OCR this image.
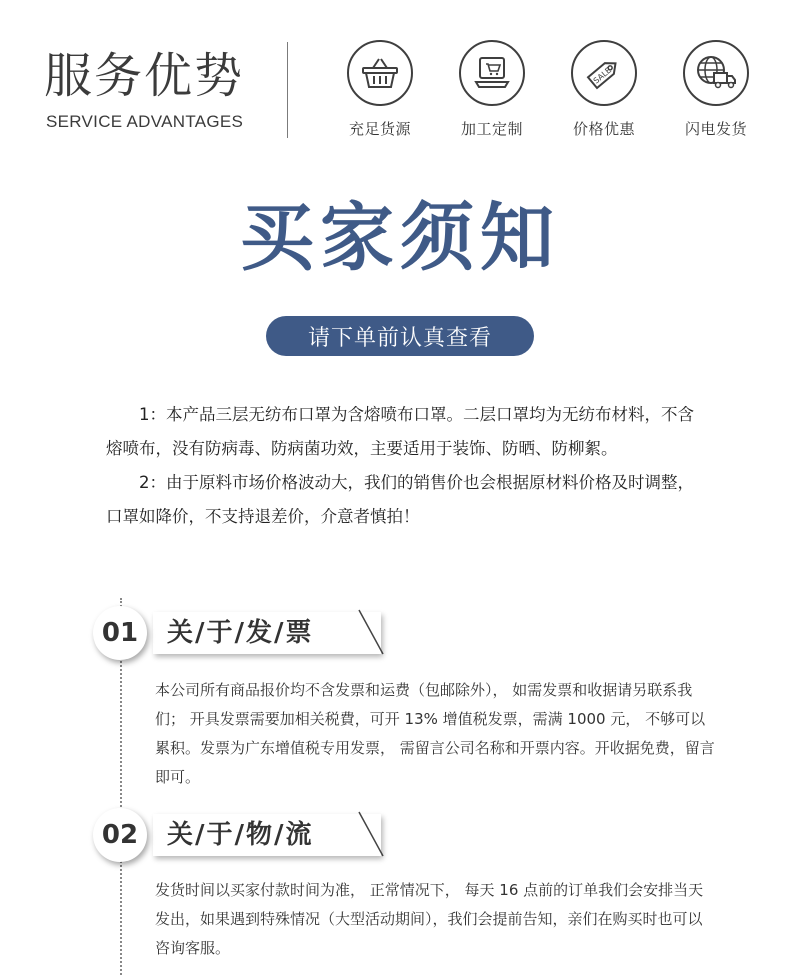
服务优势
SERVICE ADVANTAGES	充足货源	加工定制
SALE
价格优惠	闪电发货
买家须知
请下单前认真查看

1：本产品三层无纺布口罩为含熔喷布口罩。二层口罩均为无纺布材料，不含熔喷布，没有防病毒、防病菌功效，主要适用于装饰、防晒、防柳絮。

2：由于原料市场价格波动大，我们的销售价也会根据原材料价格及时调整，口罩如降价，不支持退差价，介意者慎拍！

关/于/发/票
01
本公司所有商品报价均不含发票和运费（包邮除外）， 如需发票和收据请另联系我们； 开具发票需要加相关税費，可开 13% 增值税发票，需满 1000 元， 不够可以累积。发票为广东增值税专用发票， 需留言公司名称和开票内容。开收据免费，留言即可。
关/于/物/流
02
发货时间以买家付款时间为准， 正常情况下， 每天 16 点前的订单我们会安排当天发出，如果遇到特殊情况（大型活动期间），我们会提前告知，亲们在购买时也可以咨询客服。
